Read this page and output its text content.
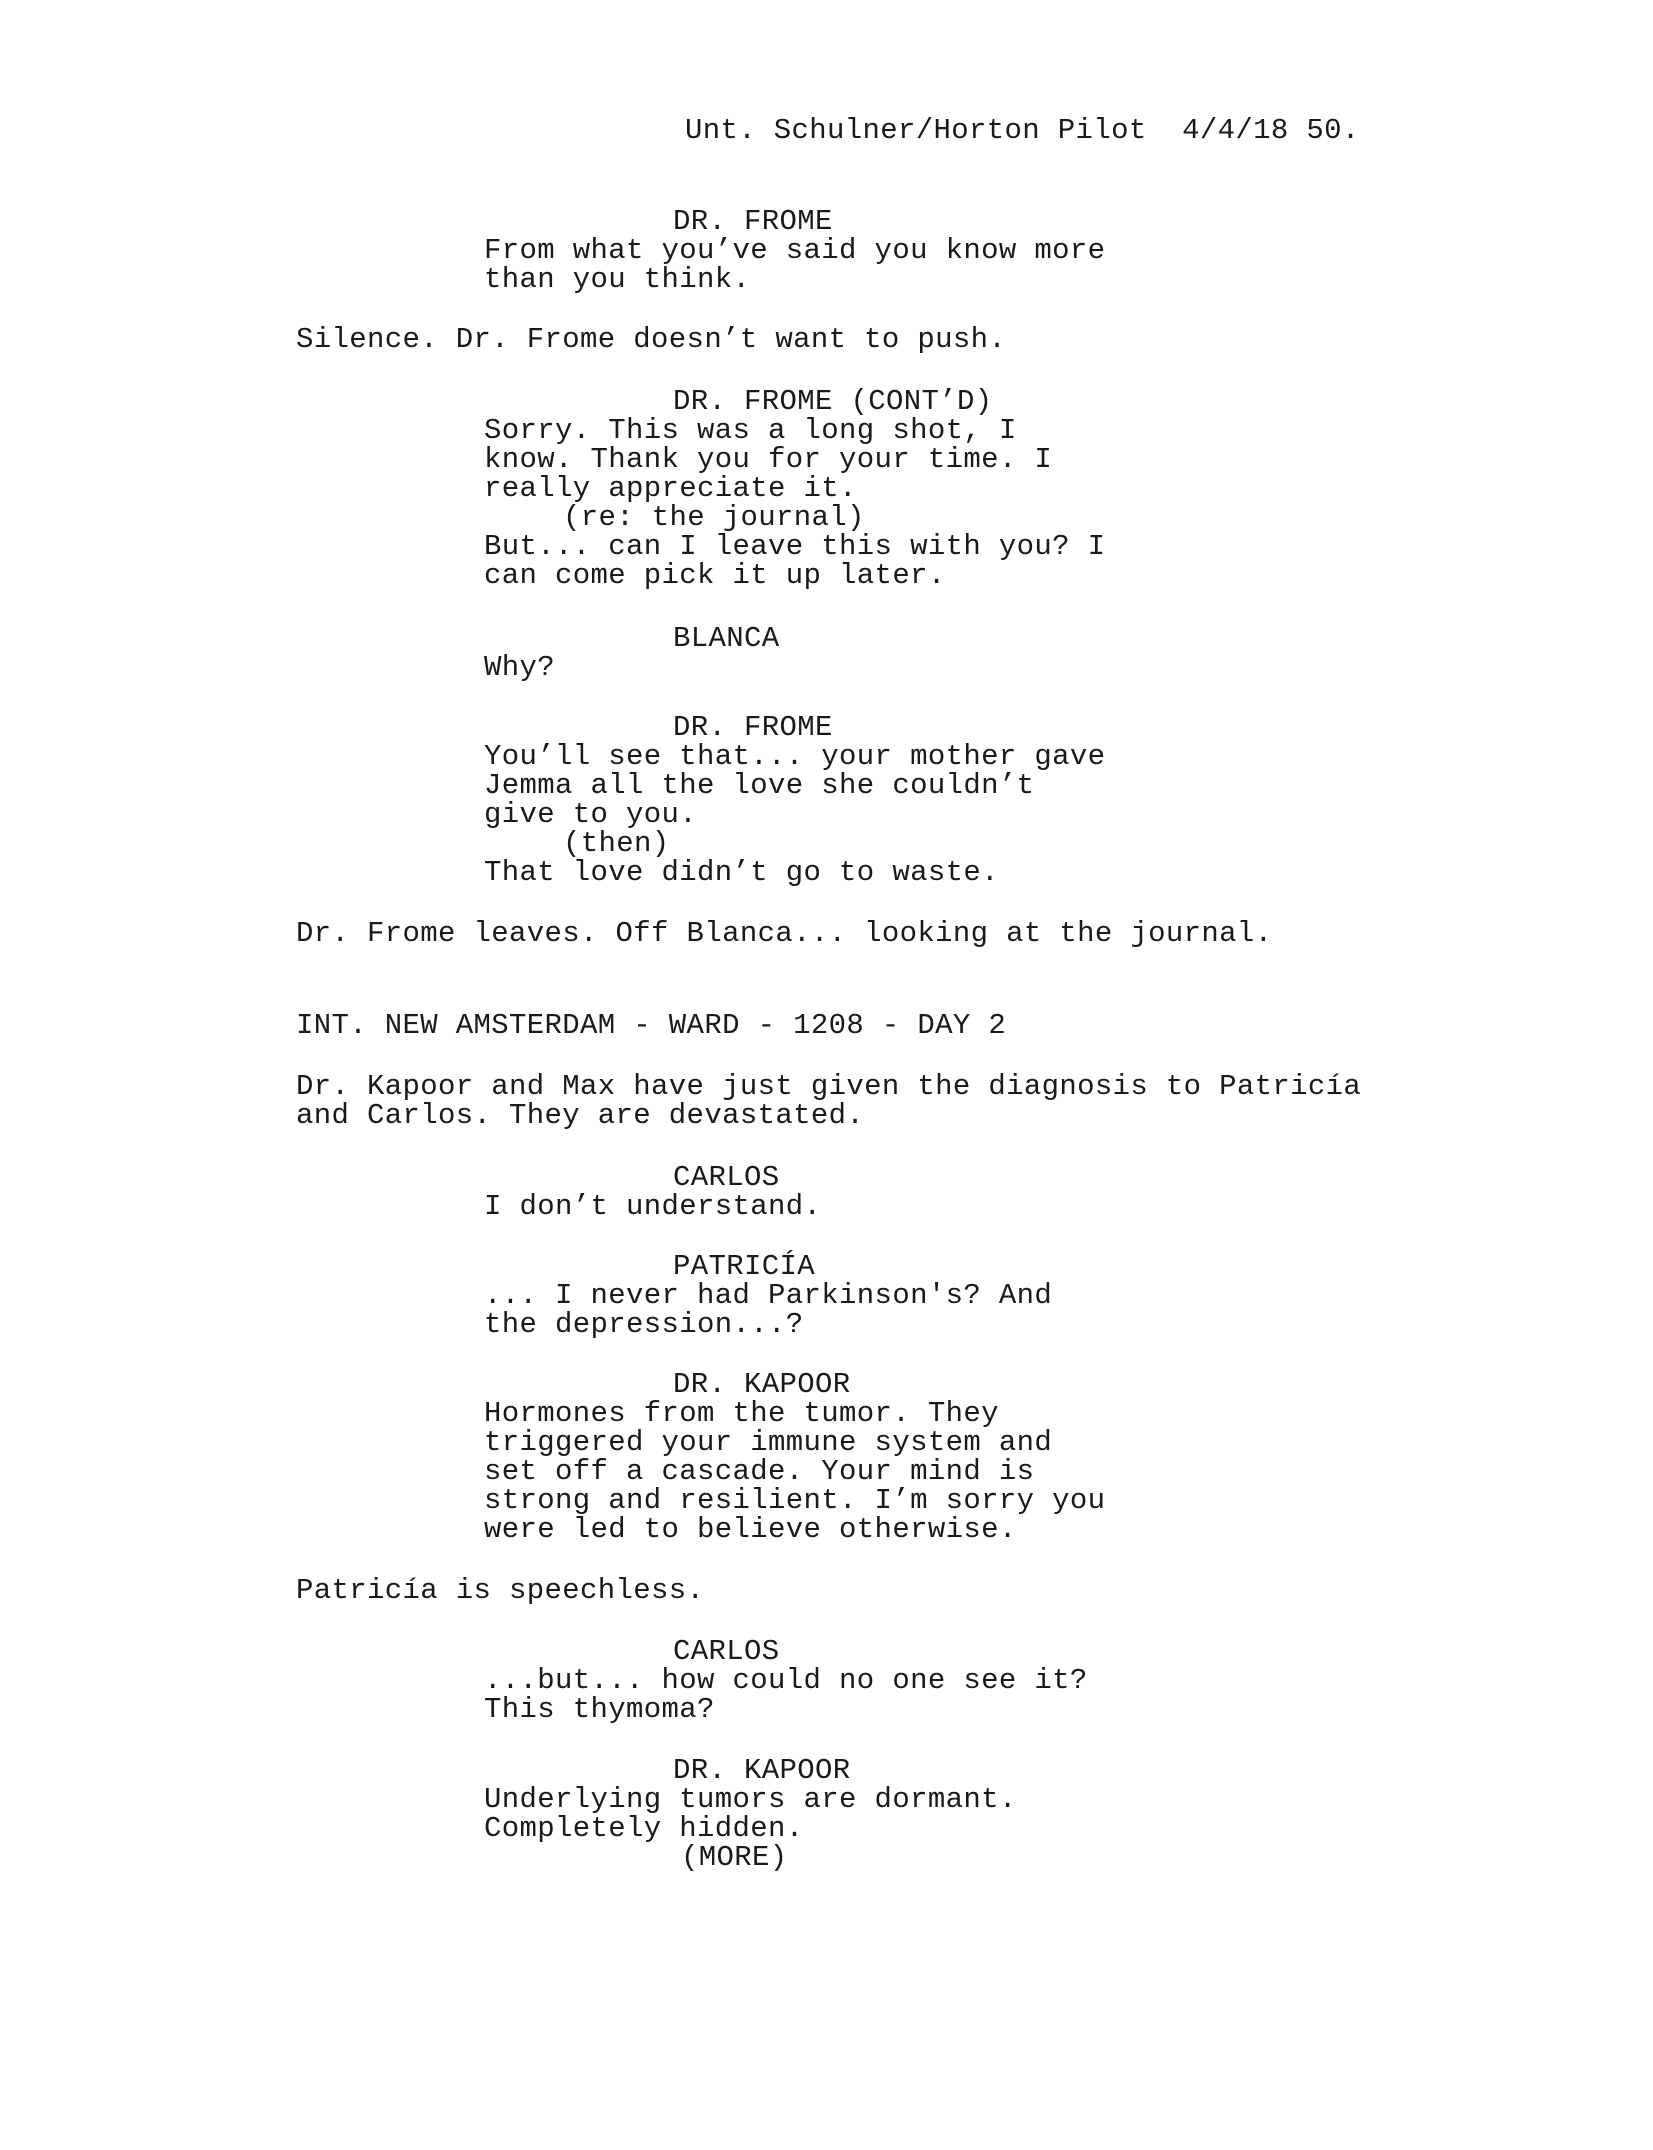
Unt. Schulner/Horton Pilot  4/4/18 50.
DR. FROME
From what you’ve said you know more
than you think.
Silence. Dr. Frome doesn’t want to push.
DR. FROME (CONT’D)
Sorry. This was a long shot, I
know. Thank you for your time. I
really appreciate it.
(re: the journal)
But... can I leave this with you? I
can come pick it up later.
BLANCA
Why?
DR. FROME
You’ll see that... your mother gave
Jemma all the love she couldn’t
give to you.
(then)
That love didn’t go to waste.
Dr. Frome leaves. Off Blanca... looking at the journal.
INT. NEW AMSTERDAM - WARD - 1208 - DAY 2
Dr. Kapoor and Max have just given the diagnosis to Patricía
and Carlos. They are devastated.
CARLOS
I don’t understand.
PATRICÍA
... I never had Parkinson's? And
the depression...?
DR. KAPOOR
Hormones from the tumor. They
triggered your immune system and
set off a cascade. Your mind is
strong and resilient. I’m sorry you
were led to believe otherwise.
Patricía is speechless.
CARLOS
...but... how could no one see it?
This thymoma?
DR. KAPOOR
Underlying tumors are dormant.
Completely hidden.
(MORE)
